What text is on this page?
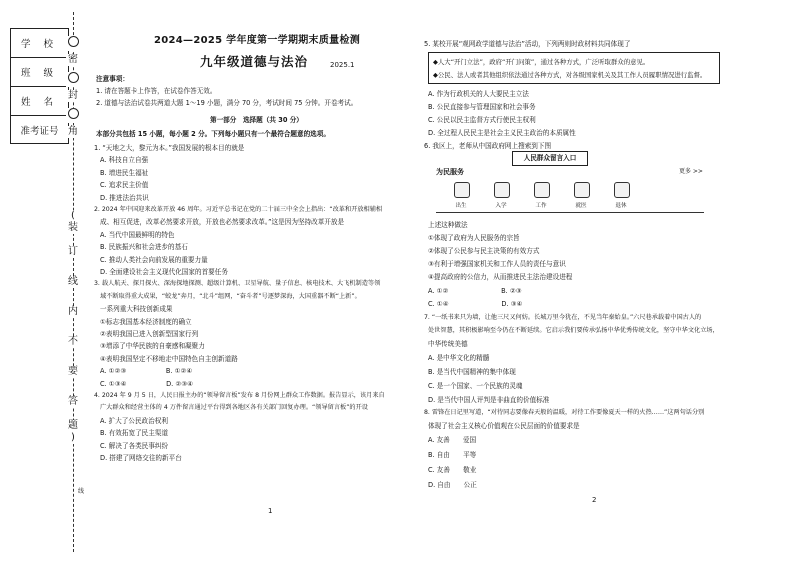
学 校
班 级
姓 名
准考证号
密
封
角
(
装
订
线
内
不
要
答
题
)
线
2024—2025 学年度第一学期期末质量检测
九年级道德与法治	2025.1
注意事项：
1. 请在答题卡上作答，在试卷作答无效。
2. 道德与法治试卷共两道大题 1～19 小题，满分 70 分，考试时间 75 分钟。开卷考试。
第一部分　选择题（共 30 分）
本部分共包括 15 小题，每小题 2 分。下列每小题只有一个最符合题意的选项。
1. “天地之大，黎元为本。”我国发展的根本目的就是
A. 科技自立自强
B. 增进民生福祉
C. 追求民主价值
D. 推进法治共识
2. 2024 年中国迎来改革开放 46 周年。习近平总书记在党的二十届三中全会上指出：“改革和开放相辅相
成、相互促进，改革必然要求开放，开放也必然要求改革。”这是因为坚持改革开放是
A. 当代中国最鲜明的特色
B. 民族振兴和社会进步的基石
C. 推动人类社会向前发展的重要力量
D. 全面建设社会主义现代化国家的首要任务
3. 载人航天、探月探火、深海探地探测、超级计算机、卫星导航、量子信息、核电技术、大飞机制造等领
域不断取得重大成果，“蛟龙”奔月，“北斗”组网，“奋斗者”号逐梦深海，大国重器不断“上新”。
一系列重大科技创新成果
①标志我国基本经济制度的确立
②表明我国已进入创新型国家行列
③增添了中华民族的自豪感和凝聚力
④表明我国坚定不移地走中国特色自主创新道路
A. ①②③　　　　　　B. ①②④
C. ①③④　　　　　　D. ②③④
4. 2024 年 9 月 5 日，人民日报主办的“领导留言板”发布 8 月份网上群众工作数据。报告显示，该月来自
广大群众和经营主体的 4 万件留言通过平台得到各地区各有关部门回复办理。“领导留言板”的开设
A. 扩大了公民政治权利
B. 有效拓宽了民主渠道
C. 解决了各类民事纠纷
D. 搭建了网络交往的新平台
1
5. 某校开展“观网政学道德与法治”活动，下列两则时政材料共同体现了
◆人大“开门立法”，政府“开门问策”，通过各种方式，广泛听取群众的意见。
◆公民、法人或者其他组织依法通过各种方式，对各级国家机关及其工作人员履职情况进行监督。
A. 作为行政机关的人大要民主立法
B. 公民直接参与管理国家和社会事务
C. 公民以民主监督方式行使民主权利
D. 全过程人民民主是社会主义民主政治的本质属性
6. 我区上，老师从中国政府网上搜索到下图
人民群众留言入口
为民服务	更多 >>
出生	入学	工作	就医	退休
上述这种做法
①体现了政府为人民服务的宗旨
②体现了公民参与民主决策的有效方式
③有利于增强国家机关和工作人员的责任与意识
④提高政府的公信力，从而推进民主法治建设进程
A. ①②　　　　　　　　B. ②③
C. ①④　　　　　　　　D. ③④
7. “一纸书来只为墙，让他三尺又何妨。长城万里今犹在，不见当年秦始皇。”六尺巷承载着中国古人的
处世智慧，其积极影响至今仍在不断延续。它启示我们要传承弘扬中华优秀传统文化，坚守中华文化立场，
中华传统美德
A. 是中华文化的精髓
B. 是当代中国精神的集中体现
C. 是一个国家、一个民族的灵魂
D. 是当代中国人评判是非曲直的价值标准
8. 雷锋在日记里写道，“对待同志要像春天般的温暖，对待工作要像夏天一样的火热……”这两句话分别
体现了社会主义核心价值观在公民层面的价值要求是
A. 友善　　爱国
B. 自由　　平等
C. 友善　　敬业
D. 自由　　公正
2
